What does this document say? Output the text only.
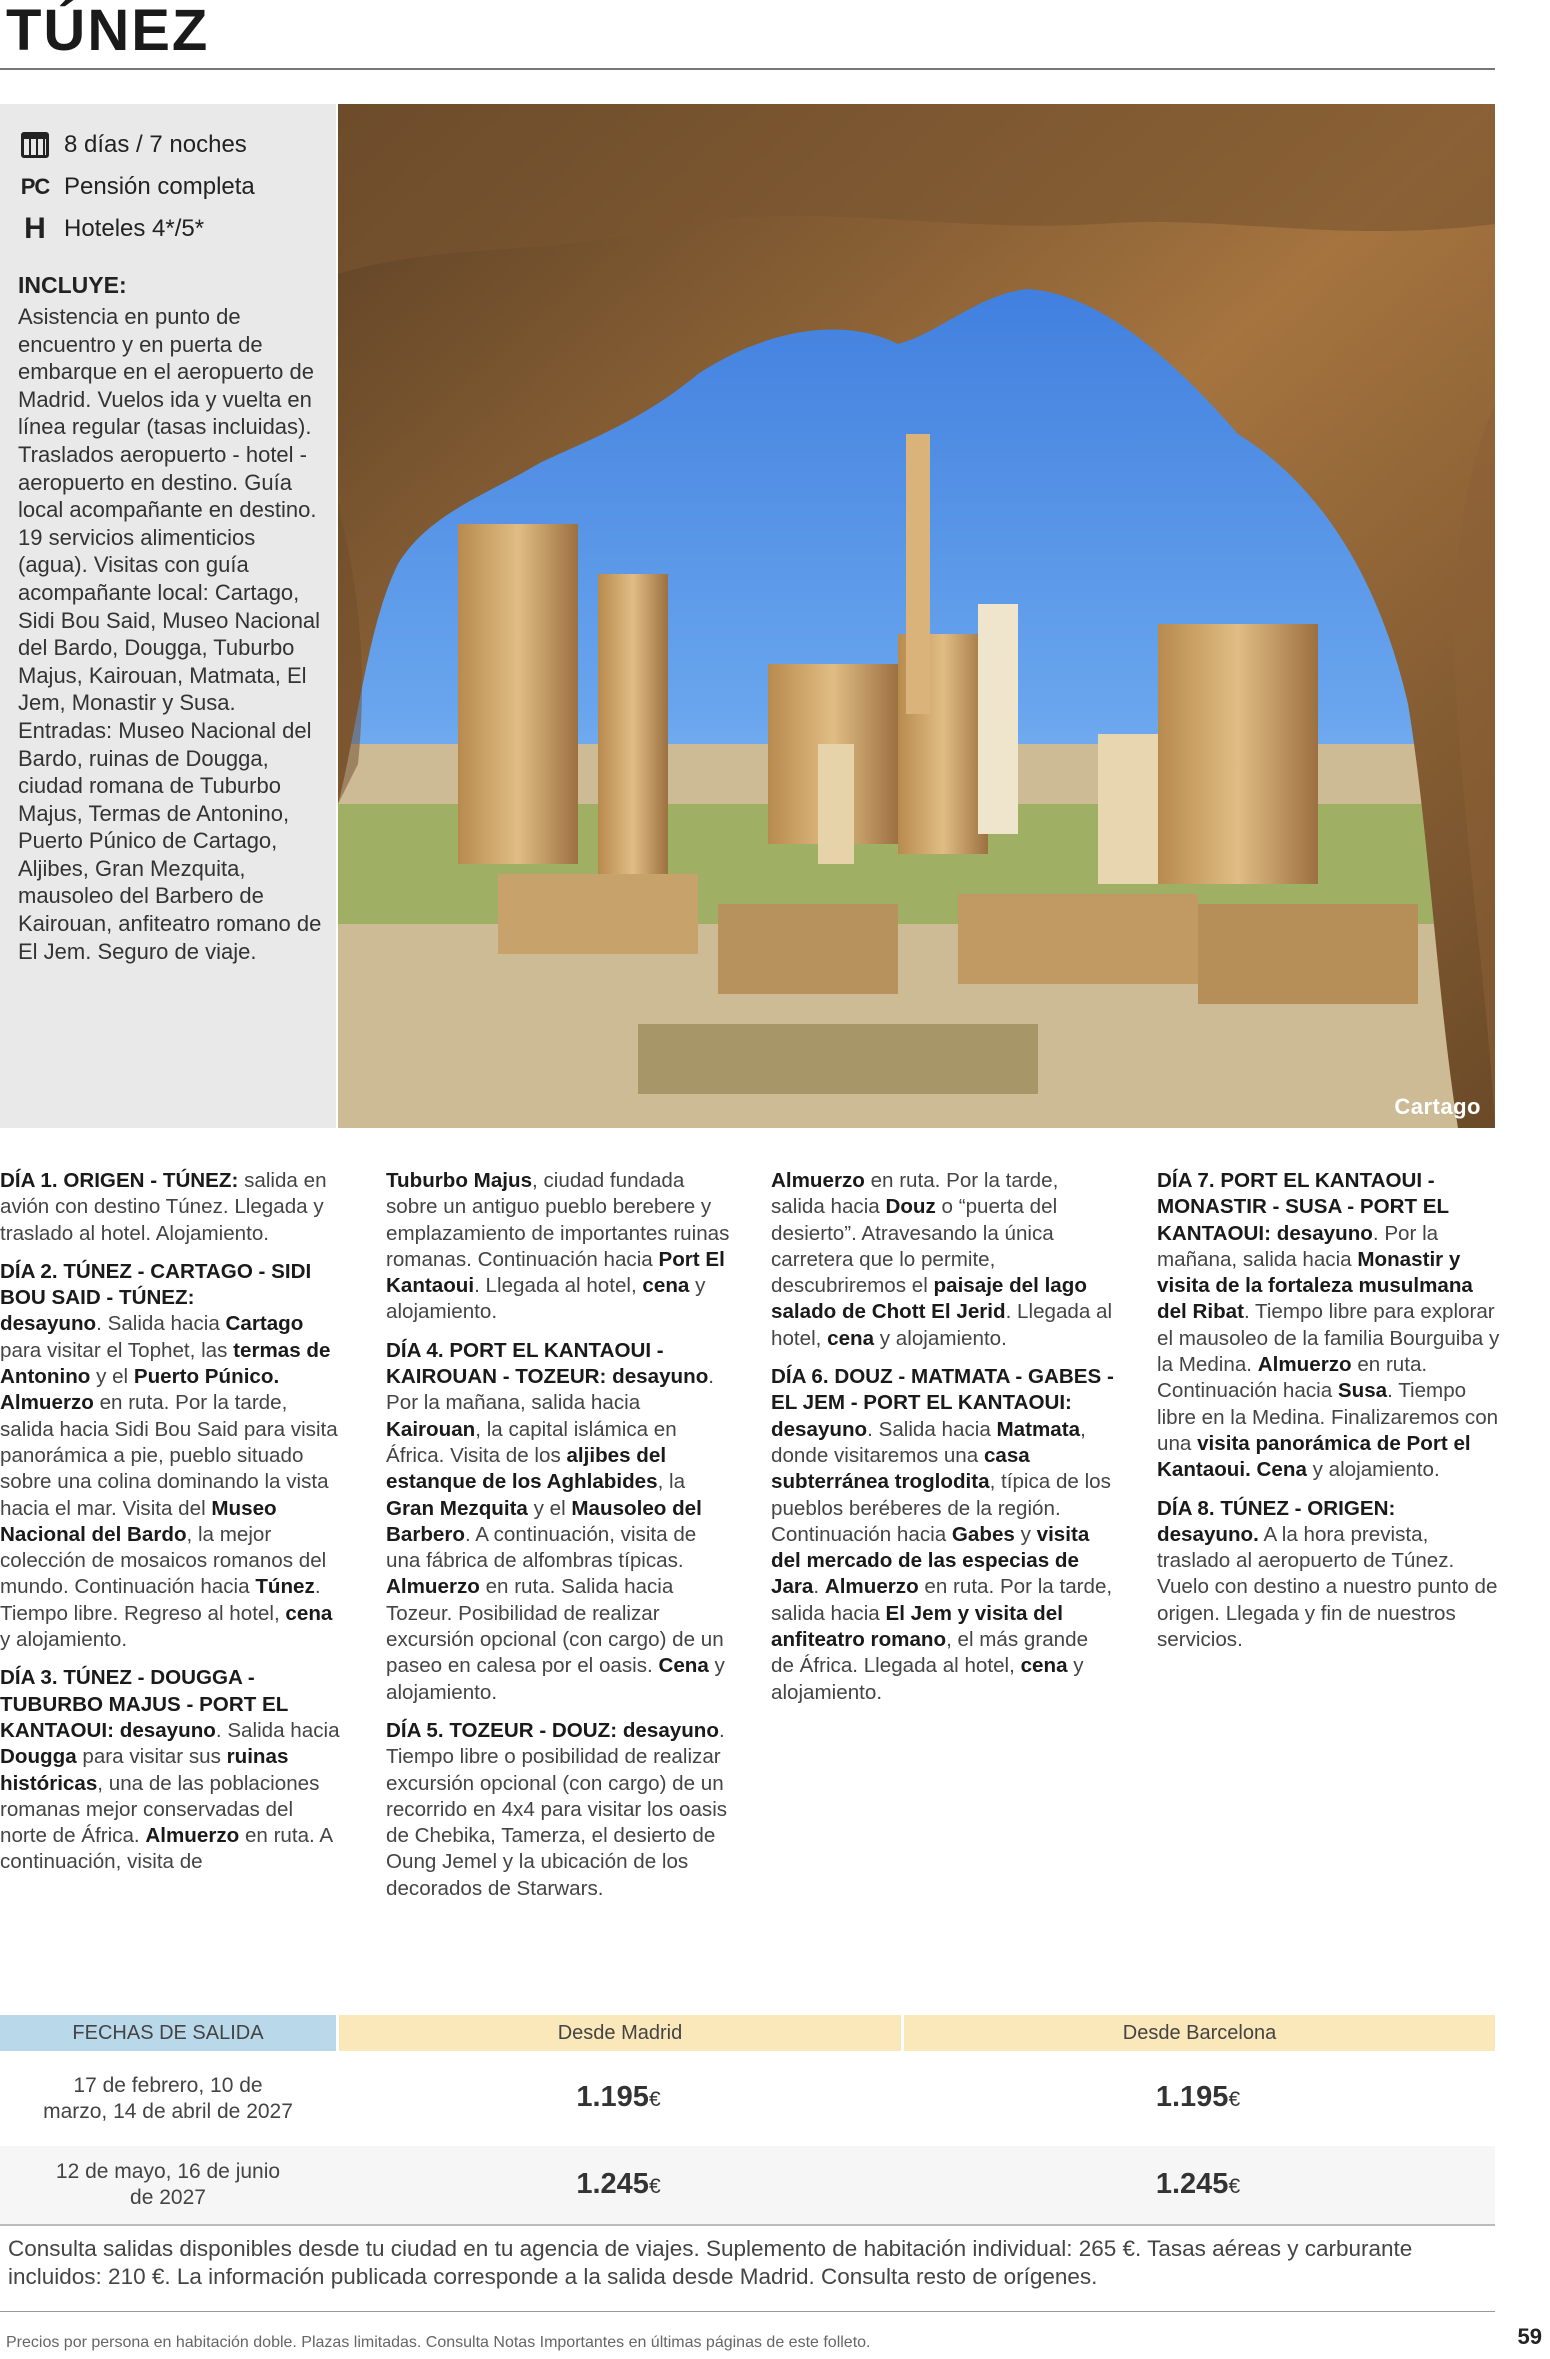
TÚNEZ
8 días / 7 noches
PC Pensión completa
H Hoteles 4*/5*
INCLUYE:
Asistencia en punto de encuentro y en puerta de embarque en el aeropuerto de Madrid. Vuelos ida y vuelta en línea regular (tasas incluidas). Traslados aeropuerto - hotel - aeropuerto en destino. Guía local acompañante en destino. 19 servicios alimenticios (agua). Visitas con guía acompañante local: Cartago, Sidi Bou Said, Museo Nacional del Bardo, Dougga, Tuburbo Majus, Kairouan, Matmata, El Jem, Monastir y Susa. Entradas: Museo Nacional del Bardo, ruinas de Dougga, ciudad romana de Tuburbo Majus, Termas de Antonino, Puerto Púnico de Cartago, Aljibes, Gran Mezquita, mausoleo del Barbero de Kairouan, anfiteatro romano de El Jem. Seguro de viaje.
Cartago

DÍA 1. ORIGEN - TÚNEZ: salida en avión con destino Túnez. Llegada y traslado al hotel. Alojamiento.

DÍA 2. TÚNEZ - CARTAGO - SIDI BOU SAID - TÚNEZ:
desayuno. Salida hacia Cartago para visitar el Tophet, las termas de Antonino y el Puerto Púnico. Almuerzo en ruta. Por la tarde, salida hacia Sidi Bou Said para visita panorámica a pie, pueblo situado sobre una colina dominando la vista hacia el mar. Visita del Museo Nacional del Bardo, la mejor colección de mosaicos romanos del mundo. Continuación hacia Túnez. Tiempo libre. Regreso al hotel, cena y alojamiento.

DÍA 3. TÚNEZ - DOUGGA - TUBURBO MAJUS - PORT EL KANTAOUI: desayuno. Salida hacia Dougga para visitar sus ruinas históricas, una de las poblaciones romanas mejor conservadas del norte de África. Almuerzo en ruta. A continuación, visita de

Tuburbo Majus, ciudad fundada sobre un antiguo pueblo berebere y emplazamiento de importantes ruinas romanas. Continuación hacia Port El Kantaoui. Llegada al hotel, cena y alojamiento.

DÍA 4. PORT EL KANTAOUI - KAIROUAN - TOZEUR: desayuno. Por la mañana, salida hacia Kairouan, la capital islámica en África. Visita de los aljibes del estanque de los Aghlabides, la Gran Mezquita y el Mausoleo del Barbero. A continuación, visita de una fábrica de alfombras típicas. Almuerzo en ruta. Salida hacia Tozeur. Posibilidad de realizar excursión opcional (con cargo) de un paseo en calesa por el oasis. Cena y alojamiento.

DÍA 5. TOZEUR - DOUZ: desayuno. Tiempo libre o posibilidad de realizar excursión opcional (con cargo) de un recorrido en 4x4 para visitar los oasis de Chebika, Tamerza, el desierto de Oung Jemel y la ubicación de los decorados de Starwars.

Almuerzo en ruta. Por la tarde, salida hacia Douz o “puerta del desierto”. Atravesando la única carretera que lo permite, descubriremos el paisaje del lago salado de Chott El Jerid. Llegada al hotel, cena y alojamiento.

DÍA 6. DOUZ - MATMATA - GABES - EL JEM - PORT EL KANTAOUI: desayuno. Salida hacia Matmata, donde visitaremos una casa subterránea troglodita, típica de los pueblos beréberes de la región. Continuación hacia Gabes y visita del mercado de las especias de Jara. Almuerzo en ruta. Por la tarde, salida hacia El Jem y visita del anfiteatro romano, el más grande de África. Llegada al hotel, cena y alojamiento.

DÍA 7. PORT EL KANTAOUI - MONASTIR - SUSA - PORT EL KANTAOUI: desayuno. Por la mañana, salida hacia Monastir y visita de la fortaleza musulmana del Ribat. Tiempo libre para explorar el mausoleo de la familia Bourguiba y la Medina. Almuerzo en ruta. Continuación hacia Susa. Tiempo libre en la Medina. Finalizaremos con una visita panorámica de Port el Kantaoui. Cena y alojamiento.

DÍA 8. TÚNEZ - ORIGEN: desayuno. A la hora prevista, traslado al aeropuerto de Túnez. Vuelo con destino a nuestro punto de origen. Llegada y fin de nuestros servicios.

FECHAS DE SALIDA	Desde Madrid	Desde Barcelona
17 de febrero, 10 de marzo, 14 de abril de 2027	1.195€	1.195€
12 de mayo, 16 de junio de 2027	1.245€	1.245€
Consulta salidas disponibles desde tu ciudad en tu agencia de viajes. Suplemento de habitación individual: 265 €. Tasas aéreas y carburante incluidos: 210 €. La información publicada corresponde a la salida desde Madrid. Consulta resto de orígenes.
Precios por persona en habitación doble. Plazas limitadas. Consulta Notas Importantes en últimas páginas de este folleto.	59
